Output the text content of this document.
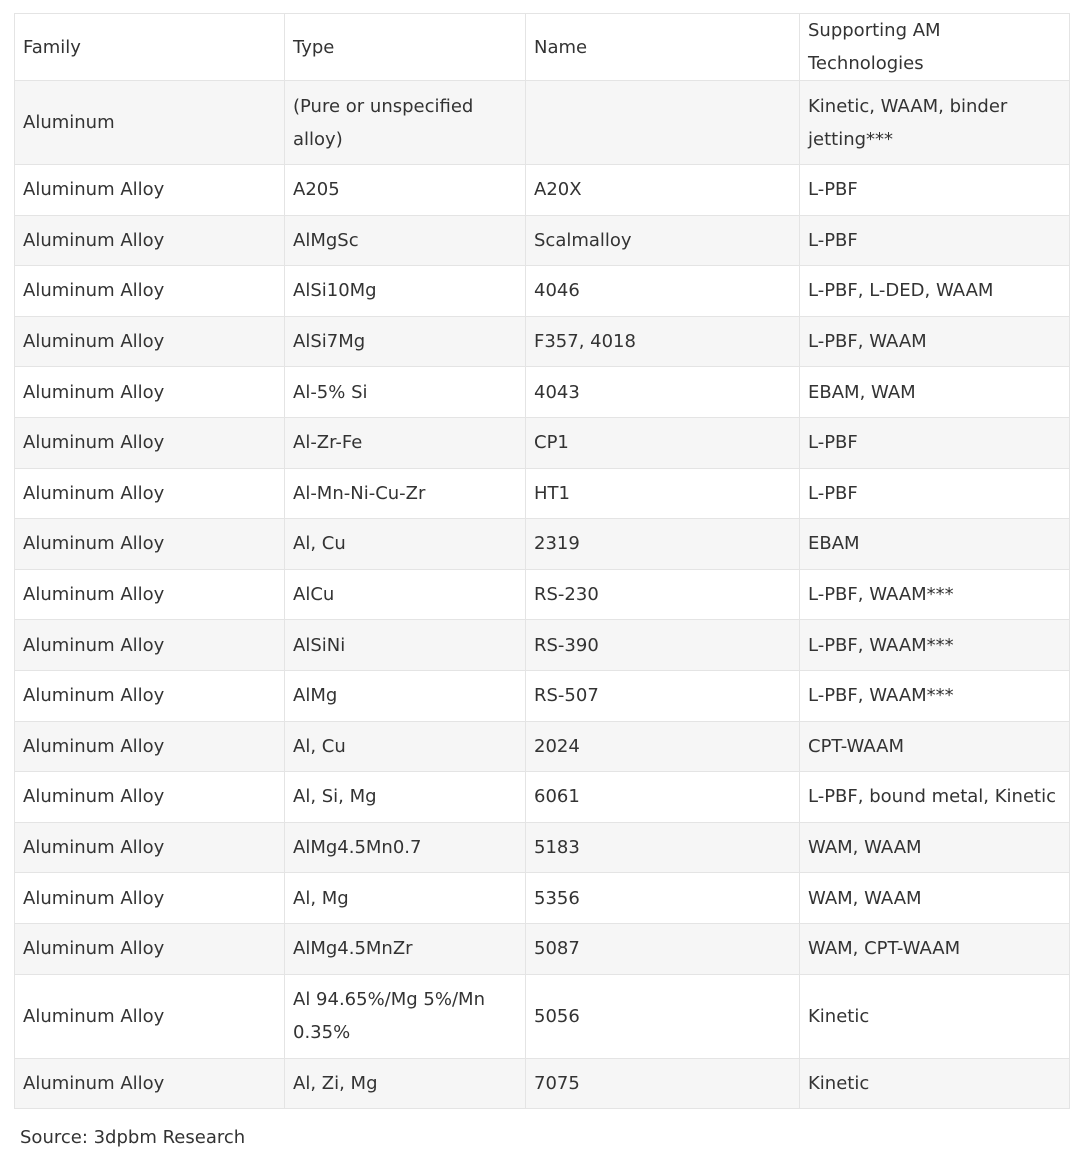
Family	Type	Name	Supporting AM Technologies
Aluminum	(Pure or unspecified alloy)		Kinetic, WAAM, binder jetting***
Aluminum Alloy	A205	A20X	L-PBF
Aluminum Alloy	AlMgSc	Scalmalloy	L-PBF
Aluminum Alloy	AlSi10Mg	4046	L-PBF, L-DED, WAAM
Aluminum Alloy	AlSi7Mg	F357, 4018	L-PBF, WAAM
Aluminum Alloy	Al-5% Si	4043	EBAM, WAM
Aluminum Alloy	Al-Zr-Fe	CP1	L-PBF
Aluminum Alloy	Al-Mn-Ni-Cu-Zr	HT1	L-PBF
Aluminum Alloy	Al, Cu	2319	EBAM
Aluminum Alloy	AlCu	RS-230	L-PBF, WAAM***
Aluminum Alloy	AlSiNi	RS-390	L-PBF, WAAM***
Aluminum Alloy	AlMg	RS-507	L-PBF, WAAM***
Aluminum Alloy	Al, Cu	2024	CPT-WAAM
Aluminum Alloy	Al, Si, Mg	6061	L-PBF, bound metal, Kinetic
Aluminum Alloy	AlMg4.5Mn0.7	5183	WAM, WAAM
Aluminum Alloy	Al, Mg	5356	WAM, WAAM
Aluminum Alloy	AlMg4.5MnZr	5087	WAM, CPT-WAAM
Aluminum Alloy	Al 94.65%/Mg 5%/Mn 0.35%	5056	Kinetic
Aluminum Alloy	Al, Zi, Mg	7075	Kinetic
Source: 3dpbm Research
